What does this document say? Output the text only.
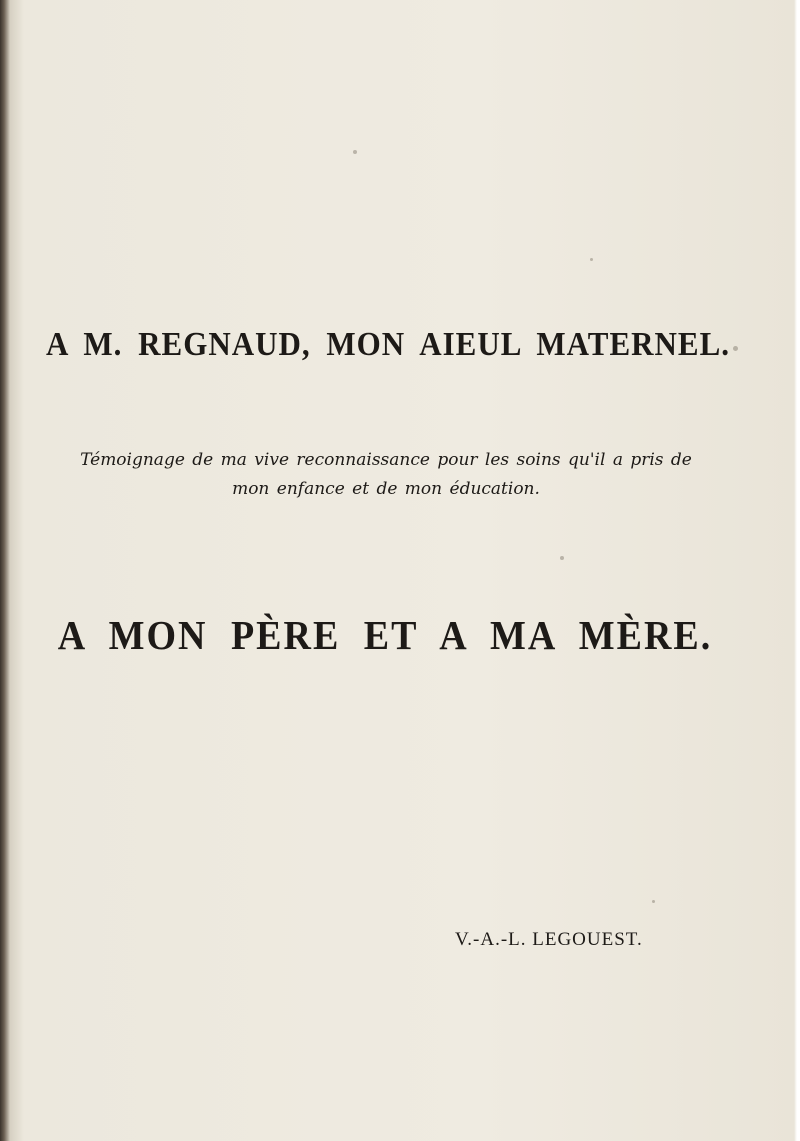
A M. REGNAUD, MON AIEUL MATERNEL.
Témoignage de ma vive reconnaissance pour les soins qu'il a pris de
mon enfance et de mon éducation.
A MON PÈRE ET A MA MÈRE.
V.-A.-L. LEGOUEST.
